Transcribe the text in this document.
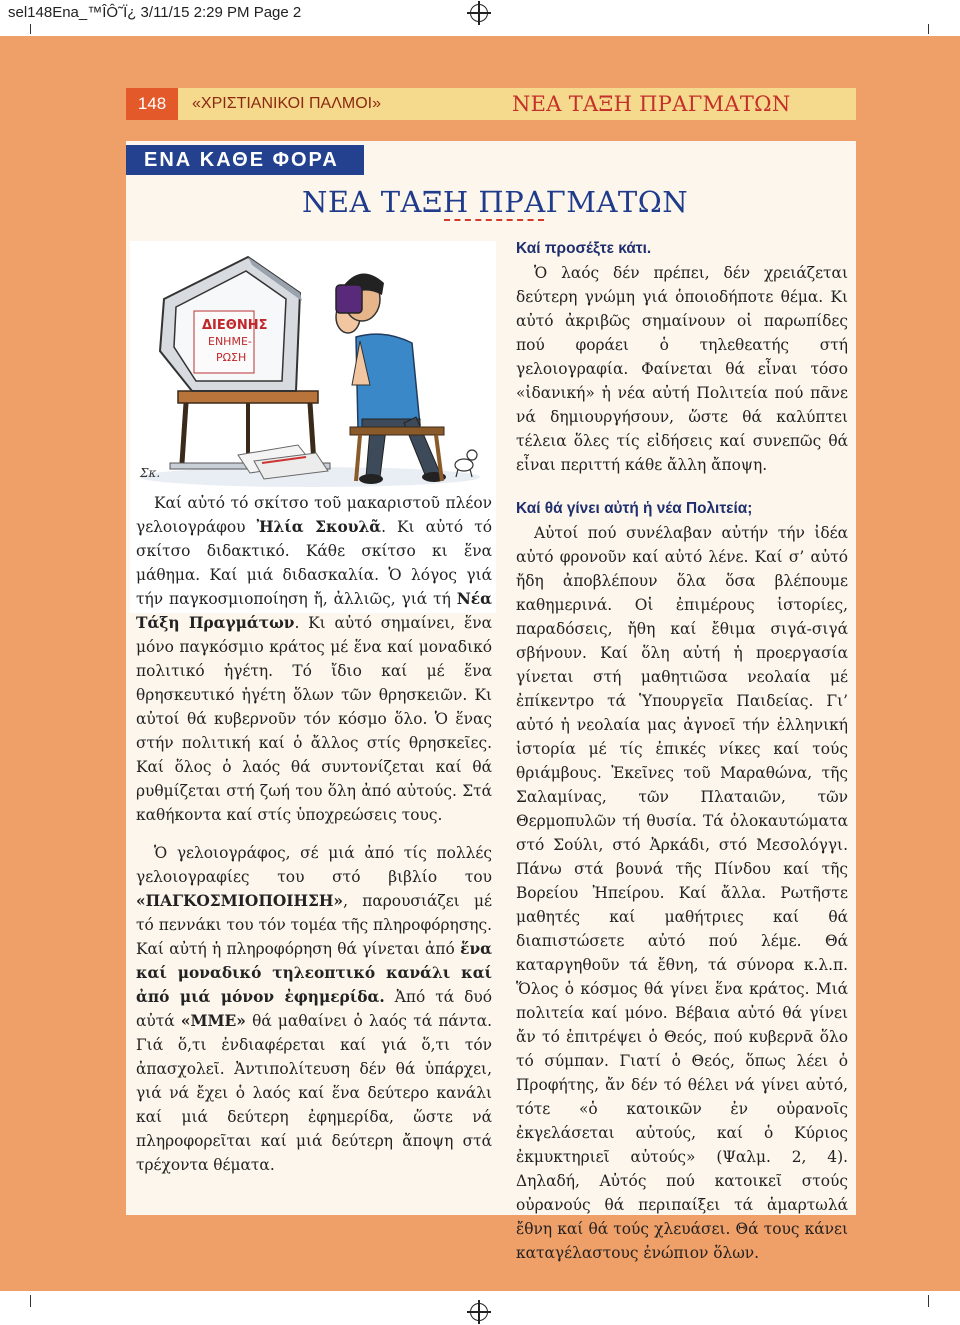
sel148Ena_™ÎÔ˜Ï¿ 3/11/15 2:29 PM Page 2
148	«ΧΡΙΣΤΙΑΝΙΚΟΙ ΠΑΛΜΟΙ»	ΝΕΑ ΤΑΞΗ ΠΡΑΓΜΑΤΩΝ
ΕΝΑ ΚΑΘΕ ΦΟΡΑ
ΝΕΑ ΤΑΞΗ ΠΡΑΓΜΑΤΩΝ
ΔΙΕΘΝΗΣ
ΕΝΗΜΕ-
ΡΩΣΗ
Σκ.

Καί προσέξτε κάτι.

Ὁ λαός δέν πρέπει, δέν χρειάζεται δεύτερη γνώμη γιά ὁποιοδήποτε θέμα. Κι αὐτό ἀκριβῶς σημαίνουν οἱ παρωπίδες πού φοράει ὁ τηλεθεατής στή γελοιογραφία. Φαίνεται θά εἶναι τόσο «ἰδανική» ἡ νέα αὐτή Πολιτεία πού πᾶνε νά δημιουργήσουν, ὥστε θά καλύπτει τέλεια ὅλες τίς εἰδήσεις καί συνεπῶς θά εἶναι περιττή κάθε ἄλλη ἄποψη.

Καί αὐτό τό σκίτσο τοῦ μακαριστοῦ πλέον γελοιογράφου Ἠλία Σκουλᾶ. Κι αὐτό τό σκίτσο διδακτικό. Κάθε σκίτσο κι ἕνα μάθημα. Καί μιά διδασκαλία. Ὁ λόγος γιά τήν παγκοσμιοποίηση ἤ, ἀλλιῶς, γιά τή Νέα Τάξη Πραγμάτων. Κι αὐτό σημαίνει, ἕνα μόνο παγκόσμιο κράτος μέ ἕνα καί μοναδικό πολιτικό ἡγέτη. Τό ἴδιο καί μέ ἕνα θρησκευτικό ἡγέτη ὅλων τῶν θρησκειῶν. Κι αὐτοί θά κυβερνοῦν τόν κόσμο ὅλο. Ὁ ἕνας στήν πολιτική καί ὁ ἄλλος στίς θρησκεῖες. Καί ὅλος ὁ λαός θά συντονίζεται καί θά ρυθμίζεται στή ζωή του ὅλη ἀπό αὐτούς. Στά καθήκοντα καί στίς ὑποχρεώσεις τους.

Ὁ γελοιογράφος, σέ μιά ἀπό τίς πολλές γελοιογραφίες του στό βιβλίο του «ΠΑΓΚΟΣΜΙΟΠΟΙΗΣΗ», παρουσιάζει μέ τό πεννάκι του τόν τομέα τῆς πληροφόρησης. Καί αὐτή ἡ πληροφόρηση θά γίνεται ἀπό ἕνα καί μοναδικό τηλεοπτικό κανάλι καί ἀπό μιά μόνον ἐφημερίδα. Ἀπό τά δυό αὐτά «ΜΜΕ» θά μαθαίνει ὁ λαός τά πάντα. Γιά ὅ,τι ἐνδιαφέρεται καί γιά ὅ,τι τόν ἀπασχολεῖ. Ἀντιπολίτευση δέν θά ὑπάρχει, γιά νά ἔχει ὁ λαός καί ἕνα δεύτερο κανάλι καί μιά δεύτερη ἐφημερίδα, ὥστε νά πληροφορεῖται καί μιά δεύτερη ἄποψη στά τρέχοντα θέματα.

Καί θά γίνει αὐτή ἡ νέα Πολιτεία;

Αὐτοί πού συνέλαβαν αὐτήν τήν ἰδέα αὐτό φρονοῦν καί αὐτό λένε. Καί σ’ αὐτό ἤδη ἀποβλέπουν ὅλα ὅσα βλέπουμε καθημερινά. Οἱ ἐπιμέρους ἱστορίες, παραδόσεις, ἤθη καί ἔθιμα σιγά-σιγά σβήνουν. Καί ὅλη αὐτή ἡ προεργασία γίνεται στή μαθητιῶσα νεολαία μέ ἐπίκεντρο τά Ὑπουργεῖα Παιδείας. Γι’ αὐτό ἡ νεολαία μας ἀγνοεῖ τήν ἑλληνική ἱστορία μέ τίς ἐπικές νίκες καί τούς θριάμβους. Ἐκεῖνες τοῦ Μαραθώνα, τῆς Σαλαμίνας, τῶν Πλαταιῶν, τῶν Θερμοπυλῶν τή θυσία. Τά ὁλοκαυτώματα στό Σούλι, στό Ἀρκάδι, στό Μεσολόγγι. Πάνω στά βουνά τῆς Πίνδου καί τῆς Βορείου Ἠπείρου. Καί ἄλλα. Ρωτῆστε μαθητές καί μαθήτριες καί θά διαπιστώσετε αὐτό πού λέμε. Θά καταργηθοῦν τά ἔθνη, τά σύνορα κ.λ.π. Ὅλος ὁ κόσμος θά γίνει ἕνα κράτος. Μιά πολιτεία καί μόνο. Βέβαια αὐτό θά γίνει ἄν τό ἐπιτρέψει ὁ Θεός, πού κυβερνᾶ ὅλο τό σύμπαν. Γιατί ὁ Θεός, ὅπως λέει ὁ Προφήτης, ἄν δέν τό θέλει νά γίνει αὐτό, τότε «ὁ κατοικῶν ἐν οὐρανοῖς ἐκγελάσεται αὐτούς, καί ὁ Κύριος ἐκμυκτηριεῖ αὐτούς» (Ψαλμ. 2, 4). Δηλαδή, Αὐτός πού κατοικεῖ στούς οὐρανούς θά περιπαίξει τά ἁμαρτωλά ἔθνη καί θά τούς χλευάσει. Θά τους κάνει καταγέλαστους ἐνώπιον ὅλων.
